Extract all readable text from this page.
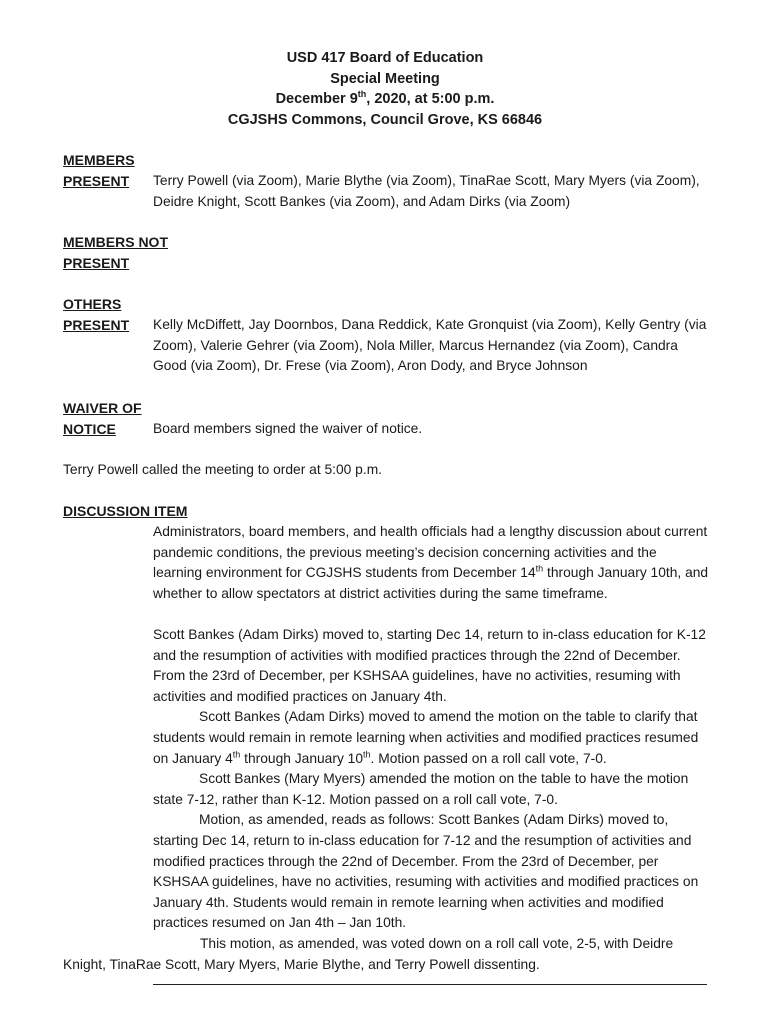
USD 417 Board of Education
Special Meeting
December 9th, 2020, at 5:00 p.m.
CGJSHS Commons, Council Grove, KS 66846
MEMBERS
PRESENT	Terry Powell (via Zoom), Marie Blythe (via Zoom), TinaRae Scott, Mary Myers (via Zoom), Deidre Knight, Scott Bankes (via Zoom), and Adam Dirks (via Zoom)
MEMBERS NOT
PRESENT
OTHERS
PRESENT	Kelly McDiffett, Jay Doornbos, Dana Reddick, Kate Gronquist (via Zoom), Kelly Gentry (via Zoom), Valerie Gehrer (via Zoom), Nola Miller, Marcus Hernandez (via Zoom), Candra Good (via Zoom), Dr. Frese (via Zoom), Aron Dody, and Bryce Johnson
WAIVER OF
NOTICE	Board members signed the waiver of notice.
Terry Powell called the meeting to order at 5:00 p.m.
DISCUSSION ITEM
Administrators, board members, and health officials had a lengthy discussion about current pandemic conditions, the previous meeting’s decision concerning activities and the learning environment for CGJSHS students from December 14th through January 10th, and whether to allow spectators at district activities during the same timeframe.
Scott Bankes (Adam Dirks) moved to, starting Dec 14, return to in-class education for K-12 and the resumption of activities with modified practices through the 22nd of December. From the 23rd of December, per KSHSAA guidelines, have no activities, resuming with activities and modified practices on January 4th.
Scott Bankes (Adam Dirks) moved to amend the motion on the table to clarify that students would remain in remote learning when activities and modified practices resumed on January 4th through January 10th. Motion passed on a roll call vote, 7-0.
Scott Bankes (Mary Myers) amended the motion on the table to have the motion state 7-12, rather than K-12. Motion passed on a roll call vote, 7-0.
Motion, as amended, reads as follows: Scott Bankes (Adam Dirks) moved to, starting Dec 14, return to in-class education for 7-12 and the resumption of activities and modified practices through the 22nd of December. From the 23rd of December, per KSHSAA guidelines, have no activities, resuming with activities and modified practices on January 4th. Students would remain in remote learning when activities and modified practices resumed on Jan 4th – Jan 10th.
This motion, as amended, was voted down on a roll call vote, 2-5, with Deidre Knight, TinaRae Scott, Mary Myers, Marie Blythe, and Terry Powell dissenting.
